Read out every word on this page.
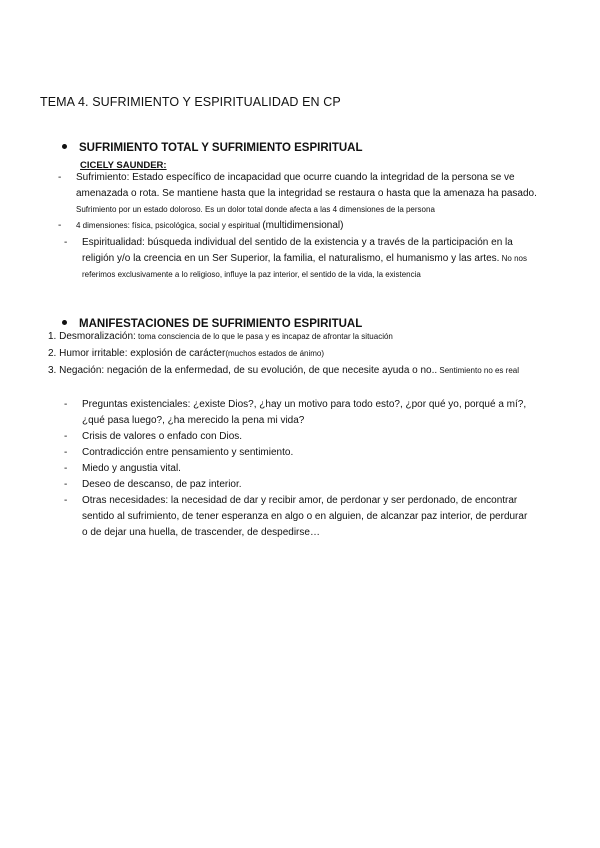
TEMA 4. SUFRIMIENTO Y ESPIRITUALIDAD EN CP
SUFRIMIENTO TOTAL Y SUFRIMIENTO ESPIRITUAL
CICELY SAUNDER:
- Sufrimiento: Estado específico de incapacidad que ocurre cuando la integridad de la persona se ve
amenazada o rota. Se mantiene hasta que la integridad se restaura o hasta que la amenaza ha pasado.
Sufrimiento por un estado doloroso. Es un dolor total donde afecta a las 4 dimensiones de la persona
- 4 dimensiones: física, psicológica, social y espiritual (multidimensional)
- Espiritualidad: búsqueda individual del sentido de la existencia y a través de la participación en la
religión y/o la creencia en un Ser Superior, la familia, el naturalismo, el humanismo y las artes. No nos
referimos exclusivamente a lo religioso, influye la paz interior, el sentido de la vida, la existencia
MANIFESTACIONES DE SUFRIMIENTO ESPIRITUAL
1. Desmoralización: toma consciencia de lo que le pasa y es incapaz de afrontar la situación
2. Humor irritable: explosión de carácter(muchos estados de ánimo)
3. Negación: negación de la enfermedad, de su evolución, de que necesite ayuda o no.. Sentimiento no es real
- Preguntas existenciales: ¿existe Dios?, ¿hay un motivo para todo esto?, ¿por qué yo, porqué a mí?,
¿qué pasa luego?, ¿ha merecido la pena mi vida?
- Crisis de valores o enfado con Dios.
- Contradicción entre pensamiento y sentimiento.
- Miedo y angustia vital.
- Deseo de descanso, de paz interior.
- Otras necesidades: la necesidad de dar y recibir amor, de perdonar y ser perdonado, de encontrar
sentido al sufrimiento, de tener esperanza en algo o en alguien, de alcanzar paz interior, de perdurar
o de dejar una huella, de trascender, de despedirse…
